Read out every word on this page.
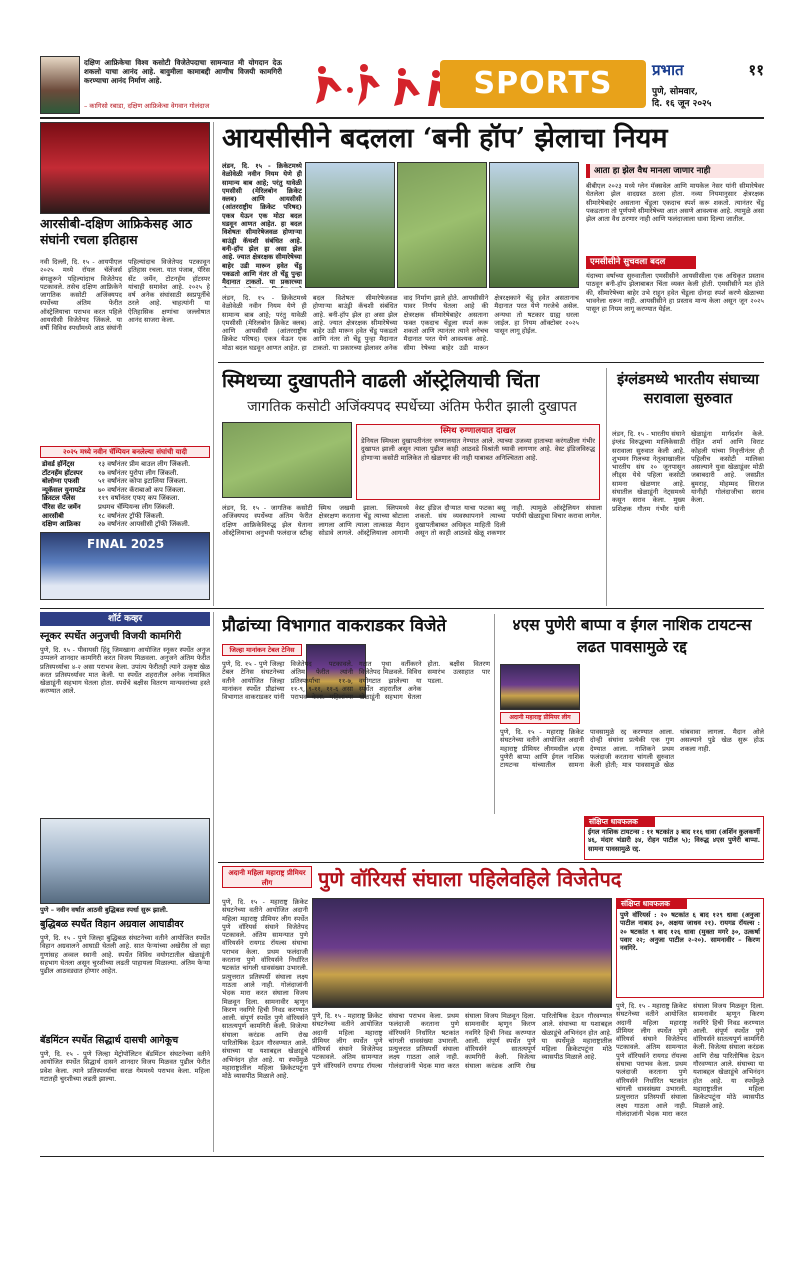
दक्षिण आफ्रिकेचा विश्व कसोटी विजेतेपदाचा सामन्यात मी योगदान देऊ शकलो याचा आनंद आहे. बावुमीला कामाबद्दी आणीच विजयी कामगिरी करण्याचा आनंद निर्माण आहे.
– कागिसो रबाडा, दक्षिण आफ्रिकेचा वेगवान गोलंदाज
SPORTS	प्रभात	११
पुणे, सोमवार,
दि. १६ जून २०२५
आरसीबी-दक्षिण आफ्रिकेसह आठ संघांनी रचला इतिहास
नवी दिल्ली, दि. १५ - आयपीएल २०२५ मध्ये रॉयल चॅलेंजर्स बंगळुरूने पहिल्यांदाच विजेतेपद पटकावले. तसेच दक्षिण आफ्रिकेने जागतिक कसोटी अजिंक्यपद स्पर्धेच्या अंतिम फेरीत ऑस्ट्रेलियाचा पराभव करत पहिले आयसीसी विजेतेपद जिंकले. या वर्षी विविध स्पर्धांमध्ये आठ संघांनी पहिल्यांदाच विजेतेपद पटकावून इतिहास रचला. यात पंजाब, पॅरिस सेंट जर्मेन, टोटनहॅम हॉटस्पर यांचाही समावेश आहे. २०२५ हे वर्ष अनेक संघांसाठी स्वप्नपूर्तीचे ठरले आहे. चाहत्यांनी या ऐतिहासिक क्षणांचा जल्लोषात आनंद साजरा केला.
२०२५ मध्ये नवीन चॅम्पियन बनलेल्या संघांची यादी
डोवर्ड हॉर्नेट्स	१३ वर्षांनंतर प्रीम बाउल लीग जिंकली.
टॉटनहॅम हॉटस्पर	१७ वर्षांनंतर युरोपा लीग जिंकली.
बोलोग्ना एफसी	५१ वर्षांनंतर कोपा इटालिया जिंकला.
न्यूकॅसल युनायटेड	७० वर्षांनंतर कॅराबाओ कप जिंकला.
क्रिस्टल पॅलेस	११९ वर्षांनंतर एफए कप जिंकला.
पॅरिस सेंट जर्मेन	प्रथमच चॅम्पियन्स लीग जिंकली.
आरसीबी	१८ वर्षांनंतर ट्रॉफी जिंकली.
दक्षिण आफ्रिका	२७ वर्षांनंतर आयसीसी ट्रॉफी जिंकली.
FINAL 2025
आयसीसीने बदलला ‘बनी हॉप’ झेलाचा नियम
लंडन, दि. १५ - क्रिकेटमध्ये वेळोवेळी नवीन नियम येणे ही सामान्य बाब आहे; परंतु यावेळी एमसीसी (मेरिलबोन क्रिकेट क्लब) आणि आयसीसी (आंतरराष्ट्रीय क्रिकेट परिषद) एकत्र येऊन एक मोठा बदल घडवून आणत आहेत. हा बदल विशेषतः सीमारेषेजवळ होणार्‍या बाउंड्री कॅचशी संबंधित आहे. बनी-हॉप झेल हा असा झेल आहे. ज्यात क्षेत्ररक्षक सीमारेषेच्या बाहेर उडी मारून हवेत चेंडू पकडतो आणि नंतर तो चेंडू पुन्हा मैदानात टाकतो. या प्रकारच्या
लंडन, दि. १५ - क्रिकेटमध्ये वेळोवेळी नवीन नियम येणे ही सामान्य बाब आहे; परंतु यावेळी एमसीसी (मेरिलबोन क्रिकेट क्लब) आणि आयसीसी (आंतरराष्ट्रीय क्रिकेट परिषद) एकत्र येऊन एक मोठा बदल घडवून आणत आहेत. हा बदल विशेषतः सीमारेषेजवळ होणार्‍या बाउंड्री कॅचशी संबंधित आहे. बनी-हॉप झेल हा असा झेल आहे. ज्यात क्षेत्ररक्षक सीमारेषेच्या बाहेर उडी मारून हवेत चेंडू पकडतो आणि नंतर तो चेंडू पुन्हा मैदानात टाकतो. या प्रकारच्या झेलावर अनेक वाद निर्माण झाले होते. आयसीसीने यावर निर्णय घेतला आहे की क्षेत्ररक्षक सीमारेषेबाहेर असताना फक्त एकदाच चेंडूला स्पर्श करू शकतो आणि त्यानंतर त्याने लगेचच मैदानात परत येणे आवश्यक आहे. सीमा रेषेच्या बाहेर उडी मारून क्षेत्ररक्षकाने चेंडू हवेत असतानाच मैदानात परत येणे गरजेचे असेल. अन्यथा तो षटकार ग्राह्य धरला जाईल. हा नियम ऑक्टोबर २०२५ पासून लागू होईल.
आता हा झेल वैध मानला जाणार नाही
बीबीएल २०२३ मध्ये ग्लेन मॅक्सवेल आणि मायकेल नेसर यांनी सीमारेषेवर घेतलेला झेल वादग्रस्त ठरला होता. नव्या नियमानुसार क्षेत्ररक्षक सीमारेषेबाहेर असताना चेंडूला एकदाच स्पर्श करू शकतो. त्यानंतर चेंडू पकडताना तो पूर्णपणे सीमारेषेच्या आत असणे आवश्यक आहे. त्यामुळे असा झेल आता वैध ठरणार नाही आणि फलंदाजाला धावा दिल्या जातील.
एमसीसीने सुचवला बदल
यंदाच्या वर्षाच्या सुरुवातीला एमसीसीने आयसीसीला एक अधिकृत प्रस्ताव पाठवून बनी-हॉप झेलाबाबत चिंता व्यक्त केली होती. एमसीसीने मत होते की, सीमारेषेच्या बाहेर उभे राहून हवेत चेंडूला दोनदा स्पर्श करणे खेळाच्या भावनेला धरून नाही. आयसीसीने हा प्रस्ताव मान्य केला असून जून २०२५ पासून हा नियम लागू करण्यात येईल.
स्मिथच्या दुखापतीने वाढली ऑस्ट्रेलियाची चिंता
जागतिक कसोटी अजिंक्यपद स्पर्धेच्या अंतिम फेरीत झाली दुखापत
स्मिथ रुग्णालयात दाखल
डेनियल स्मिथला दुखापतीनंतर रुग्णालयात नेण्यात आले. त्याच्या उजव्या हाताच्या करंगळीला गंभीर दुखापत झाली असून त्याला पुढील काही आठवडे विश्रांती घ्यावी लागणार आहे. वेस्ट इंडिजविरुद्ध होणाऱ्या कसोटी मालिकेत तो खेळणार की नाही याबाबत अनिश्चितता आहे.
लंडन, दि. १५ - जागतिक कसोटी अजिंक्यपद स्पर्धेच्या अंतिम फेरीत दक्षिण आफ्रिकेविरुद्ध झेल घेताना ऑस्ट्रेलियाचा अनुभवी फलंदाज स्टीव्ह स्मिथ जखमी झाला. स्लिपमध्ये क्षेत्ररक्षण करताना चेंडू त्याच्या बोटाला लागला आणि त्याला तात्काळ मैदान सोडावे लागले. ऑस्ट्रेलियाला आगामी वेस्ट इंडिज दौऱ्यात याचा फटका बसू शकतो. संघ व्यवस्थापनाने त्याच्या दुखापतीबाबत अधिकृत माहिती दिली असून तो काही आठवडे खेळू शकणार नाही. त्यामुळे ऑस्ट्रेलियन संघाला पर्यायी खेळाडूचा विचार करावा लागेल.
इंग्लंडमध्ये भारतीय संघाच्या सरावाला सुरुवात
लंडन, दि. १५ - भारतीय संघाने इंग्लंड विरुद्धच्या मालिकेसाठी सरावाला सुरुवात केली आहे. शुभमन गिलच्या नेतृत्वाखालील भारतीय संघ २० जूनपासून लीड्स येथे पहिला कसोटी सामना खेळणार आहे. संघातील खेळाडूंनी नेट्समध्ये कसून सराव केला. मुख्य प्रशिक्षक गौतम गंभीर यांनी खेळाडूंना मार्गदर्शन केले. रोहित शर्मा आणि विराट कोहली यांच्या निवृत्तीनंतर ही पहिलीच कसोटी मालिका असल्याने युवा खेळाडूंवर मोठी जबाबदारी आहे. जसप्रीत बुमराह, मोहम्मद सिराज यांनीही गोलंदाजीचा सराव केला.
शॉर्ट कव्हर
स्नूकर स्पर्धेत अनुजची विजयी कामगिरी
पुणे, दि. १५ - पीवायसी हिंदू जिमखाना आयोजित स्नूकर स्पर्धेत अनुज उप्पलने शानदार कामगिरी करत विजय मिळवला. अनुजने अंतिम फेरीत प्रतिस्पर्ध्याचा ४-२ असा पराभव केला. उपांत्य फेरीतही त्याने उत्कृष्ट खेळ करत प्रतिस्पर्ध्यावर मात केली. या स्पर्धेत शहरातील अनेक नामांकित खेळाडूंनी सहभाग घेतला होता. स्पर्धेचे बक्षीस वितरण मान्यवरांच्या हस्ते करण्यात आले.
पुणे – नवीन वर्षात आठवी बुद्धिबळ स्पर्धा सुरू झाली.
बुद्धिबळ स्पर्धेत विहान अग्रवाल आघाडीवर
पुणे, दि. १५ - पुणे जिल्हा बुद्धिबळ संघटनेच्या वतीने आयोजित स्पर्धेत विहान अग्रवालने आघाडी घेतली आहे. सात फेऱ्यांच्या अखेरीस तो सहा गुणांसह अव्वल स्थानी आहे. स्पर्धेत विविध वयोगटातील खेळाडूंनी सहभाग घेतला असून चुरशीच्या लढती पाहायला मिळाल्या. अंतिम फेऱ्या पुढील आठवड्यात होणार आहेत.
बॅडमिंटन स्पर्धेत सिद्धार्थ दासची आगेकूच
पुणे, दि. १५ - पुणे जिल्हा मेट्रोपॉलिटन बॅडमिंटन संघटनेच्या वतीने आयोजित स्पर्धेत सिद्धार्थ दासने शानदार विजय मिळवत पुढील फेरीत प्रवेश केला. त्याने प्रतिस्पर्ध्याचा सरळ गेममध्ये पराभव केला. महिला गटातही चुरशीच्या लढती झाल्या.
प्रौढांच्या विभागात वाकराडकर विजेते
जिल्हा मानांकन टेबल टेनिस
पुणे, दि. १५ - पुणे जिल्हा टेबल टेनिस संघटनेच्या वतीने आयोजित जिल्हा मानांकन स्पर्धेत प्रौढांच्या विभागात वाकराडकर यांनी विजेतेपद पटकावले. अंतिम फेरीत त्यांनी प्रतिस्पर्ध्याचा ११-७, ११-९, ९-११, ११-६ असा पराभव केला. महिलांच्या गटात पृथा वर्तीकरने विजेतेपद मिळवले. विविध वयोगटात झालेल्या या स्पर्धेत शहरातील अनेक खेळाडूंनी सहभाग घेतला होता. बक्षीस वितरण समारंभ उत्साहात पार पडला.
४एस पुणेरी बाप्पा व ईगल नाशिक टायटन्स लढत पावसामुळे रद्द
अदानी महाराष्ट्र प्रीमियर लीग
पुणे, दि. १५ - महाराष्ट्र क्रिकेट संघटनेच्या वतीने आयोजित अदानी महाराष्ट्र प्रीमियर लीगमधील ४एस पुणेरी बाप्पा आणि ईगल नाशिक टायटन्स यांच्यातील सामना पावसामुळे रद्द करण्यात आला. दोन्ही संघांना प्रत्येकी एक गुण देण्यात आला. नाशिकने प्रथम फलंदाजी करताना चांगली सुरुवात केली होती; मात्र पावसामुळे खेळ थांबवावा लागला. मैदान ओले असल्याने पुढे खेळ सुरू होऊ शकला नाही.
संक्षिप्त धावफलक
ईगल नाशिक टायटन्स : ११ षटकांत ३ बाद ११६ धावा (अर्शिन कुलकर्णी ४६, मंदार भंडारी ३४, रोहन पाटील ५); विरुद्ध ४एस पुणेरी बाप्पा. सामना पावसामुळे रद्द.
अदानी महिला महाराष्ट्र प्रीमियर लीग	पुणे वॉरियर्स संघाला पहिलेवहिले विजेतेपद
पुणे, दि. १५ - महाराष्ट्र क्रिकेट संघटनेच्या वतीने आयोजित अदानी महिला महाराष्ट्र प्रीमियर लीग स्पर्धेत पुणे वॉरियर्स संघाने विजेतेपद पटकावले. अंतिम सामन्यात पुणे वॉरियर्सने रायगड रॉयल्स संघाचा पराभव केला. प्रथम फलंदाजी करताना पुणे वॉरियर्सने निर्धारित षटकांत चांगली धावसंख्या उभारली. प्रत्युत्तरात प्रतिस्पर्धी संघाला लक्ष्य गाठता आले नाही. गोलंदाजांनी भेदक मारा करत संघाला विजय मिळवून दिला. सामनावीर म्हणून किरण नवगिरे हिची निवड करण्यात आली. संपूर्ण स्पर्धेत पुणे वॉरियर्सने सातत्यपूर्ण कामगिरी केली. विजेत्या संघाला करंडक आणि रोख पारितोषिक देऊन गौरवण्यात आले. संघाच्या या यशाबद्दल खेळाडूंचे अभिनंदन होत आहे. या स्पर्धेमुळे महाराष्ट्रातील महिला क्रिकेटपटूंना मोठे व्यासपीठ मिळाले आहे.
पुणे, दि. १५ - महाराष्ट्र क्रिकेट संघटनेच्या वतीने आयोजित अदानी महिला महाराष्ट्र प्रीमियर लीग स्पर्धेत पुणे वॉरियर्स संघाने विजेतेपद पटकावले. अंतिम सामन्यात पुणे वॉरियर्सने रायगड रॉयल्स संघाचा पराभव केला. प्रथम फलंदाजी करताना पुणे वॉरियर्सने निर्धारित षटकांत चांगली धावसंख्या उभारली. प्रत्युत्तरात प्रतिस्पर्धी संघाला लक्ष्य गाठता आले नाही. गोलंदाजांनी भेदक मारा करत संघाला विजय मिळवून दिला. सामनावीर म्हणून किरण नवगिरे हिची निवड करण्यात आली. संपूर्ण स्पर्धेत पुणे वॉरियर्सने सातत्यपूर्ण कामगिरी केली. विजेत्या संघाला करंडक आणि रोख पारितोषिक देऊन गौरवण्यात आले. संघाच्या या यशाबद्दल खेळाडूंचे अभिनंदन होत आहे. या स्पर्धेमुळे महाराष्ट्रातील महिला क्रिकेटपटूंना मोठे व्यासपीठ मिळाले आहे.
संक्षिप्त धावफलक
पुणे वॉरियर्स : २० षटकांत ६ बाद १२९ धावा (अनुजा पाटील नाबाद ३०, अक्षया जाधव २१). रायगड रॉयल्स : २० षटकांत ९ बाद १२६ धावा (मुक्ता मगरे ३०, उत्कर्षा पवार २२; अनुजा पाटील २-२०). सामनावीर – किरण नवगिरे.
पुणे, दि. १५ - महाराष्ट्र क्रिकेट संघटनेच्या वतीने आयोजित अदानी महिला महाराष्ट्र प्रीमियर लीग स्पर्धेत पुणे वॉरियर्स संघाने विजेतेपद पटकावले. अंतिम सामन्यात पुणे वॉरियर्सने रायगड रॉयल्स संघाचा पराभव केला. प्रथम फलंदाजी करताना पुणे वॉरियर्सने निर्धारित षटकांत चांगली धावसंख्या उभारली. प्रत्युत्तरात प्रतिस्पर्धी संघाला लक्ष्य गाठता आले नाही. गोलंदाजांनी भेदक मारा करत संघाला विजय मिळवून दिला. सामनावीर म्हणून किरण नवगिरे हिची निवड करण्यात आली. संपूर्ण स्पर्धेत पुणे वॉरियर्सने सातत्यपूर्ण कामगिरी केली. विजेत्या संघाला करंडक आणि रोख पारितोषिक देऊन गौरवण्यात आले. संघाच्या या यशाबद्दल खेळाडूंचे अभिनंदन होत आहे. या स्पर्धेमुळे महाराष्ट्रातील महिला क्रिकेटपटूंना मोठे व्यासपीठ मिळाले आहे.
